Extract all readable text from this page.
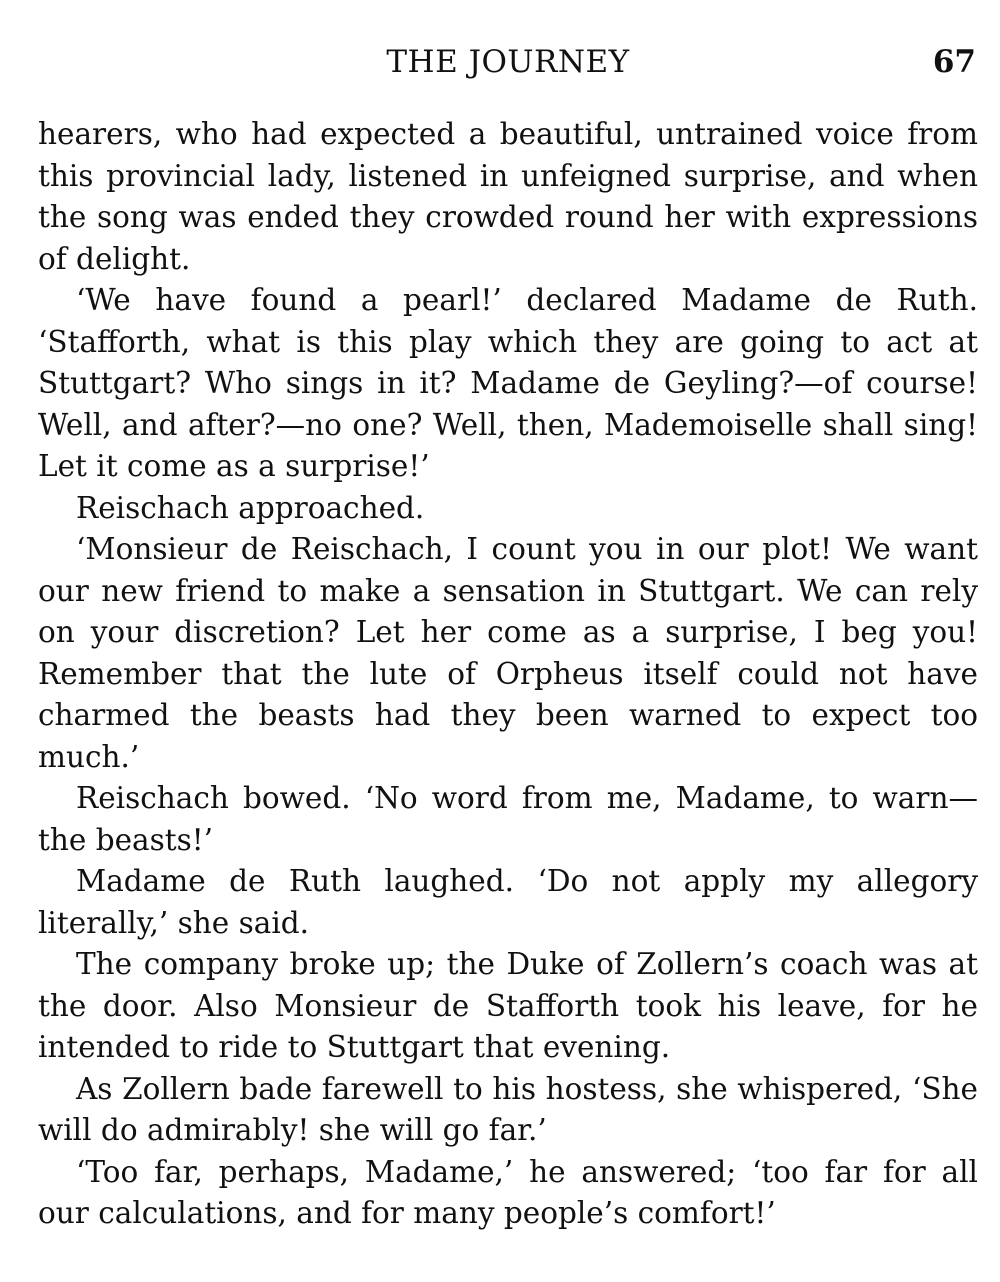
THE JOURNEY	67

hearers, who had expected a beautiful, untrained voice from this provincial lady, listened in unfeigned surprise, and when the song was ended they crowded round her with expressions of delight.

‘We have found a pearl!’ declared Madame de Ruth. ‘Stafforth, what is this play which they are going to act at Stuttgart? Who sings in it? Madame de Geyling?—of course! Well, and after?—no one? Well, then, Mademoiselle shall sing! Let it come as a surprise!’

Reischach approached.

‘Monsieur de Reischach, I count you in our plot! We want our new friend to make a sensation in Stuttgart. We can rely on your discretion? Let her come as a surprise, I beg you! Remember that the lute of Orpheus itself could not have charmed the beasts had they been warned to expect too much.’

Reischach bowed. ‘No word from me, Madame, to warn—the beasts!’

Madame de Ruth laughed. ‘Do not apply my allegory literally,’ she said.

The company broke up; the Duke of Zollern’s coach was at the door. Also Monsieur de Stafforth took his leave, for he intended to ride to Stuttgart that evening.

As Zollern bade farewell to his hostess, she whispered, ‘She will do admirably! she will go far.’

‘Too far, perhaps, Madame,’ he answered; ‘too far for all our calculations, and for many people’s comfort!’
